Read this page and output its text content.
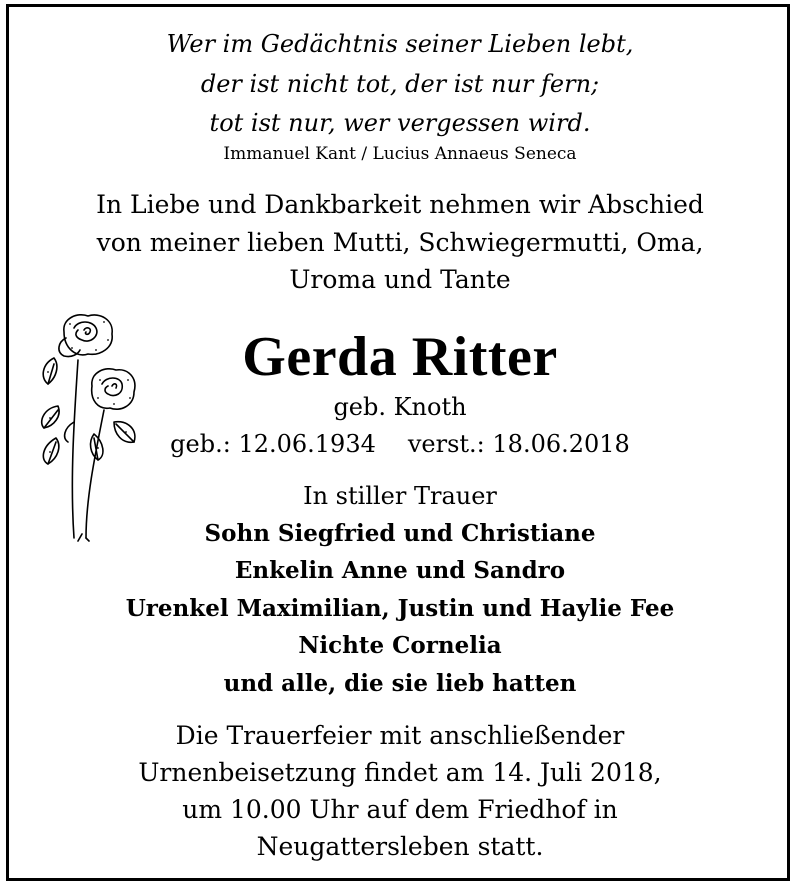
Wer im Gedächtnis seiner Lieben lebt,
der ist nicht tot, der ist nur fern;
tot ist nur, wer vergessen wird.
Immanuel Kant / Lucius Annaeus Seneca
In Liebe und Dankbarkeit nehmen wir Abschied
von meiner lieben Mutti, Schwiegermutti, Oma,
Uroma und Tante
Gerda Ritter
geb. Knoth
geb.: 12.06.1934 verst.: 18.06.2018
In stiller Trauer
Sohn Siegfried und Christiane
Enkelin Anne und Sandro
Urenkel Maximilian, Justin und Haylie Fee
Nichte Cornelia
und alle, die sie lieb hatten
Die Trauerfeier mit anschließender
Urnenbeisetzung findet am 14. Juli 2018,
um 10.00 Uhr auf dem Friedhof in
Neugattersleben statt.
